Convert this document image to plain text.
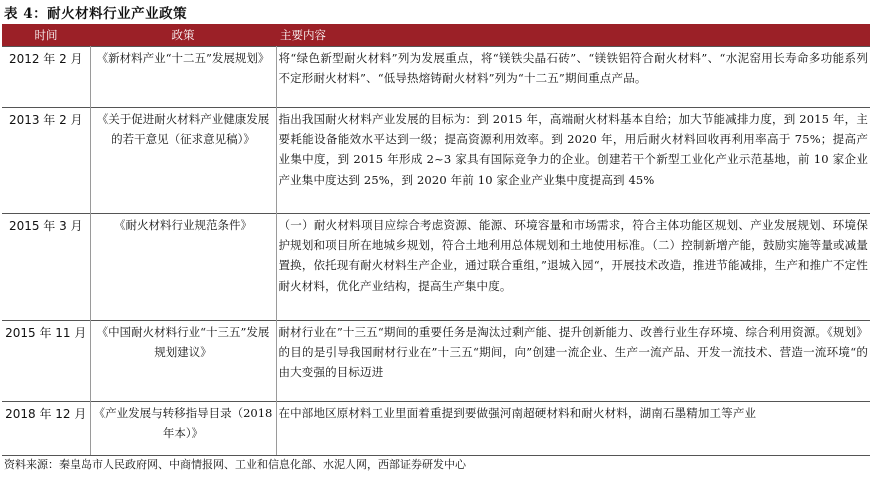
表 4：耐火材料行业产业政策
时间	政策	主要内容
2012 年 2 月	《新材料产业“十二五”发展规划》	将“绿色新型耐火材料”列为发展重点，将“镁铁尖晶石砖”、“镁铁铝符合耐火材料”、“水泥窑用长寿命多功能系列不定形耐火材料”、“低导热熔铸耐火材料”列为“十二五”期间重点产品。
2013 年 2 月	《关于促进耐火材料产业健康发展的若干意见（征求意见稿）》	指出我国耐火材料产业发展的目标为：到 2015 年，高端耐火材料基本自给；加大节能减排力度，到 2015 年，主要耗能设备能效水平达到一级；提高资源利用效率。到 2020 年，用后耐火材料回收再利用率高于 75%；提高产业集中度，到 2015 年形成 2~3 家具有国际竞争力的企业。创建若干个新型工业化产业示范基地，前 10 家企业产业集中度达到 25%，到 2020 年前 10 家企业产业集中度提高到 45%
2015 年 3 月	《耐火材料行业规范条件》	（一）耐火材料项目应综合考虑资源、能源、环境容量和市场需求，符合主体功能区规划、产业发展规划、环境保护规划和项目所在地城乡规划，符合土地利用总体规划和土地使用标准。（二）控制新增产能，鼓励实施等量或减量置换，依托现有耐火材料生产企业，通过联合重组，”退城入园“，开展技术改造，推进节能减排，生产和推广不定性耐火材料，优化产业结构，提高生产集中度。
2015 年 11 月	《中国耐火材料行业“十三五”发展规划建议》	耐材行业在”十三五“期间的重要任务是淘汰过剩产能、提升创新能力、改善行业生存环境、综合利用资源。《规划》的目的是引导我国耐材行业在”十三五“期间，向”创建一流企业、生产一流产品、开发一流技术、营造一流环境“的由大变强的目标迈进
2018 年 12 月	《产业发展与转移指导目录（2018 年本）》	在中部地区原材料工业里面着重提到要做强河南超硬材料和耐火材料，湖南石墨精加工等产业
资料来源：秦皇岛市人民政府网、中商情报网、工业和信息化部、水泥人网，西部证券研发中心
